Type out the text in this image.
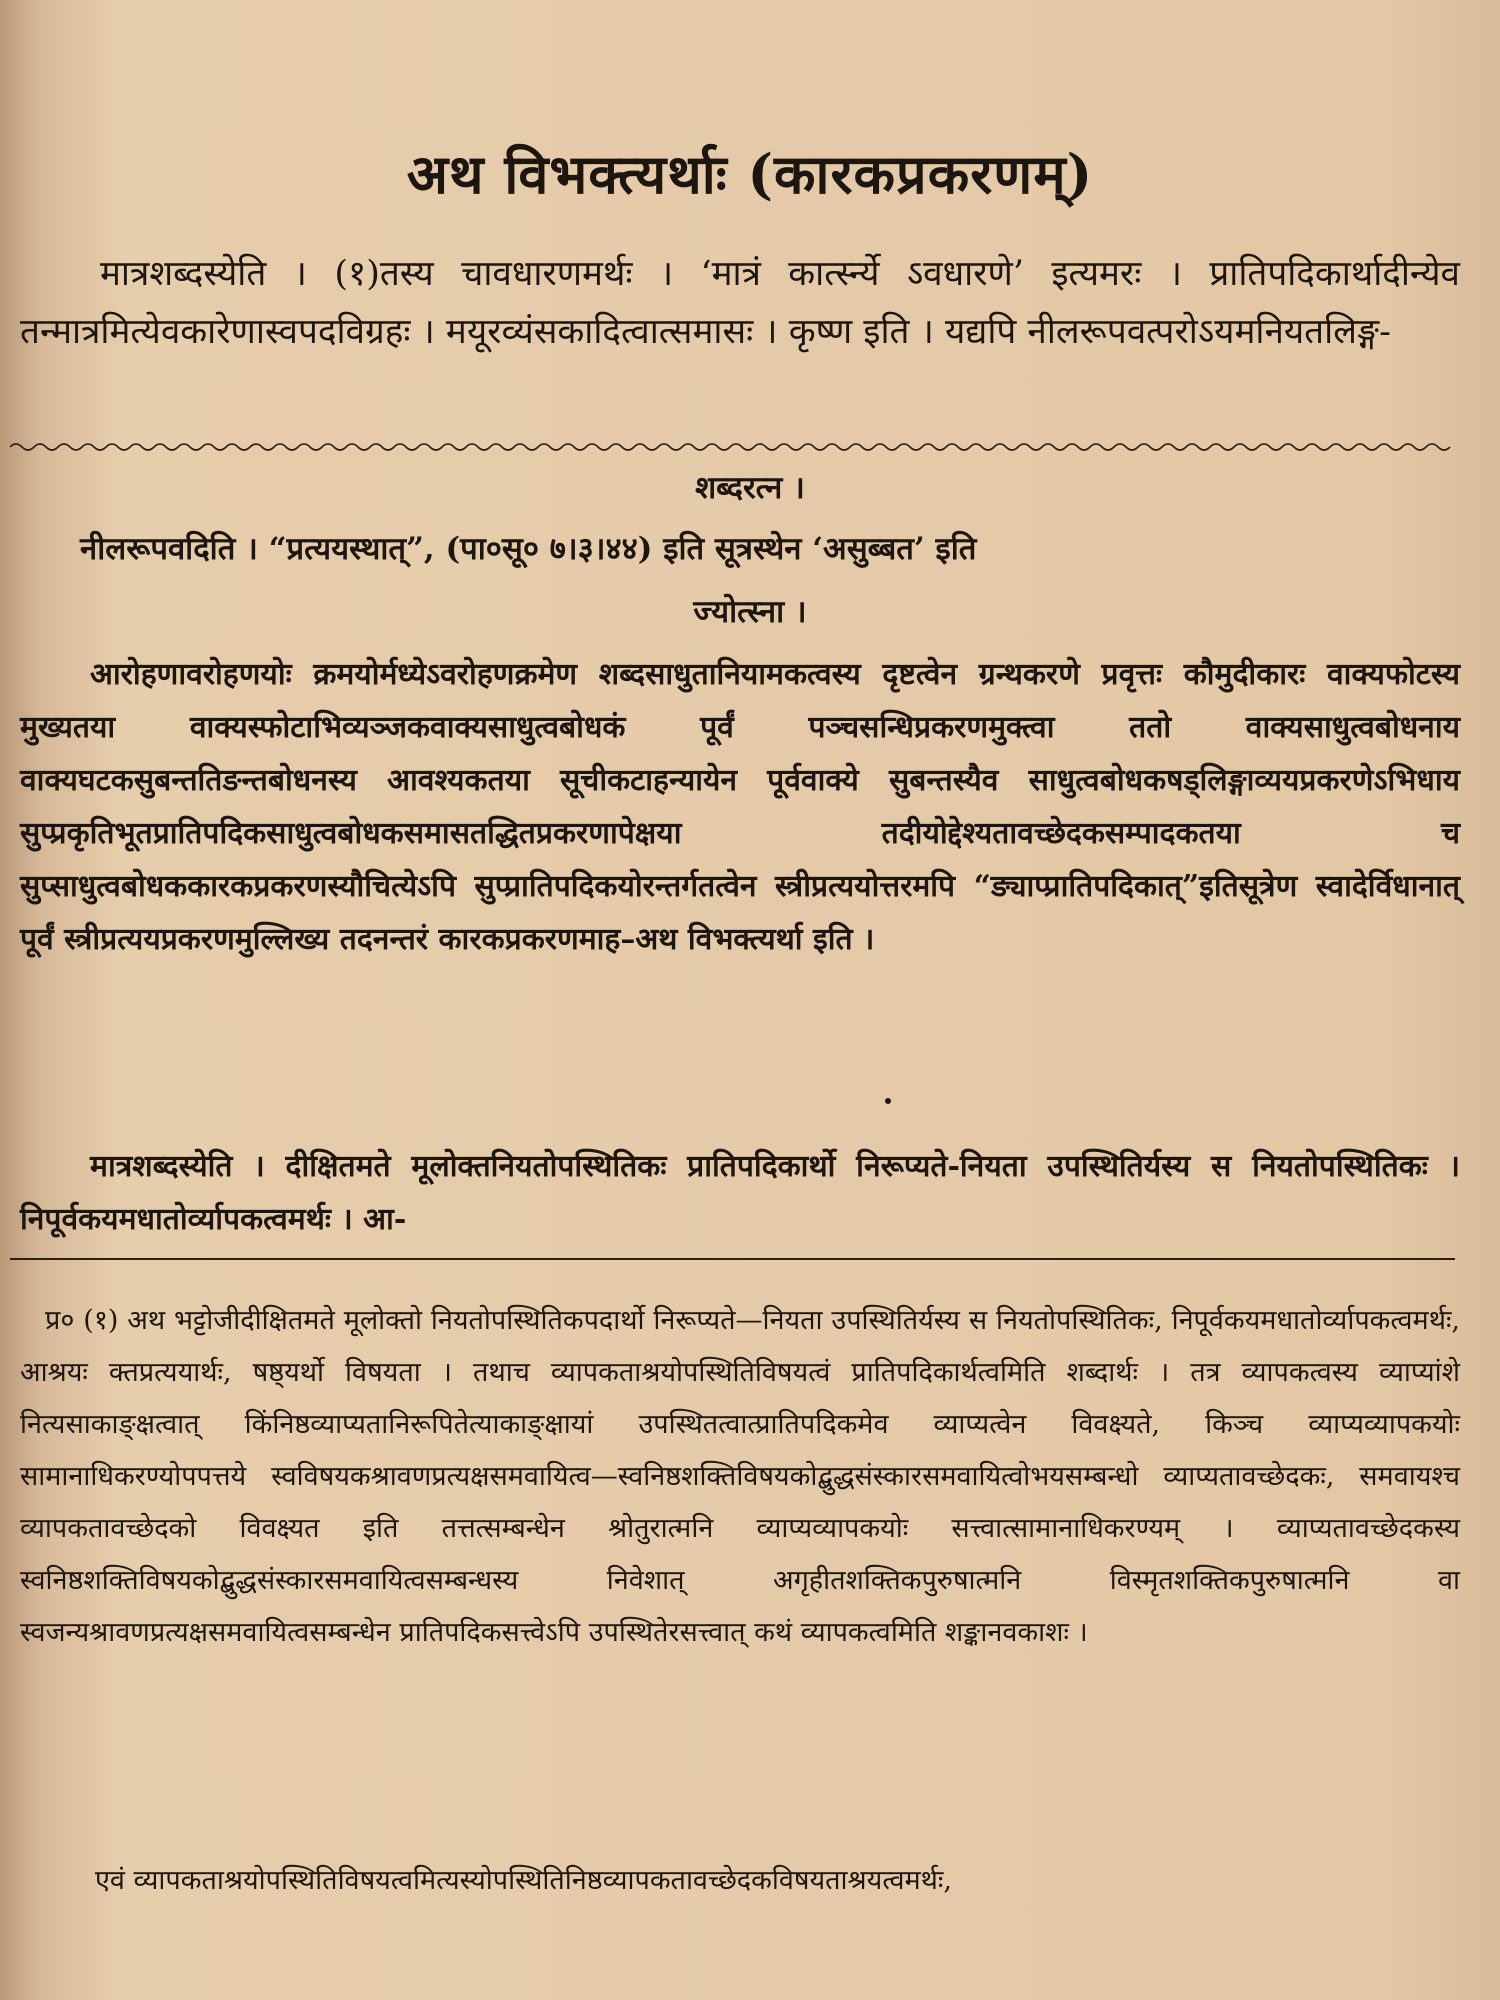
अथ विभक्त्यर्थाः (कारकप्रकरणम्)
मात्रशब्दस्येति । (१)तस्य चावधारणमर्थः । ‘मात्रं कार्त्स्न्ये ऽवधारणे’ इत्यमरः । प्रातिपदिकार्थादीन्येव तन्मात्रमित्येवकारेणास्वपदविग्रहः । मयूरव्यंसकादित्वात्समासः । कृष्ण इति । यद्यपि नीलरूपवत्परोऽयमनियतलिङ्ग-
शब्दरत्न ।
नीलरूपवदिति । “प्रत्ययस्थात्”, (पा०सू० ७।३।४४) इति सूत्रस्थेन ‘असुब्बत’ इति
ज्योत्स्ना ।
आरोहणावरोहणयोः क्रमयोर्मध्येऽवरोहणक्रमेण शब्दसाधुतानियामकत्वस्य दृष्टत्वेन ग्रन्थकरणे प्रवृत्तः कौमुदीकारः वाक्यफोटस्य मुख्यतया वाक्यस्फोटाभिव्यञ्जकवाक्यसाधुत्वबोधकं पूर्वं पञ्चसन्धिप्रकरणमुक्त्वा ततो वाक्यसाधुत्वबोधनाय वाक्यघटकसुबन्ततिङन्तबोधनस्य आवश्यकतया सूचीकटाहन्यायेन पूर्ववाक्ये सुबन्तस्यैव साधुत्वबोधकषड्लिङ्गाव्ययप्रकरणेऽभिधाय सुप्प्रकृतिभूतप्रातिपदिकसाधुत्वबोधकसमासतद्धितप्रकरणापेक्षया तदीयोद्देश्यतावच्छेदकसम्पादकतया च सुप्साधुत्वबोधककारकप्रकरणस्यौचित्येऽपि सुप्प्रातिपदिकयोरन्तर्गतत्वेन स्त्रीप्रत्ययोत्तरमपि “ङ्याप्प्रातिपदिकात्”इतिसूत्रेण स्वादेर्विधानात् पूर्वं स्त्रीप्रत्ययप्रकरणमुल्लिख्य तदनन्तरं कारकप्रकरणमाह–अथ विभक्त्यर्था इति ।
मात्रशब्दस्येति । दीक्षितमते मूलोक्तनियतोपस्थितिकः प्रातिपदिकार्थो निरूप्यते-नियता उपस्थितिर्यस्य स नियतोपस्थितिकः । निपूर्वकयमधातोर्व्यापकत्वमर्थः । आ-
प्र० (१) अथ भट्टोजीदीक्षितमते मूलोक्तो नियतोपस्थितिकपदार्थो निरूप्यते—नियता उपस्थितिर्यस्य स नियतोपस्थितिकः, निपूर्वकयमधातोर्व्यापकत्वमर्थः, आश्रयः क्तप्रत्ययार्थः, षष्ठ्यर्थो विषयता । तथाच व्यापकताश्रयोपस्थितिविषयत्वं प्रातिपदिकार्थत्वमिति शब्दार्थः । तत्र व्यापकत्वस्य व्याप्यांशे नित्यसाकाङ्क्षत्वात् किंनिष्ठव्याप्यतानिरूपितेत्याकाङ्क्षायां उपस्थितत्वात्प्रातिपदिकमेव व्याप्यत्वेन विवक्ष्यते, किञ्च व्याप्यव्यापकयोः सामानाधिकरण्योपपत्तये स्वविषयकश्रावणप्रत्यक्षसमवायित्व—स्वनिष्ठशक्तिविषयकोद्बुद्धसंस्कारसमवायित्वोभयसम्बन्धो व्याप्यतावच्छेदकः, समवायश्च व्यापकतावच्छेदको विवक्ष्यत इति तत्तत्सम्बन्धेन श्रोतुरात्मनि व्याप्यव्यापकयोः सत्त्वात्सामानाधिकरण्यम् । व्याप्यतावच्छेदकस्य स्वनिष्ठशक्तिविषयकोद्बुद्धसंस्कारसमवायित्वसम्बन्धस्य निवेशात् अगृहीतशक्तिकपुरुषात्मनि विस्मृतशक्तिकपुरुषात्मनि वा स्वजन्यश्रावणप्रत्यक्षसमवायित्वसम्बन्धेन प्रातिपदिकसत्त्वेऽपि उपस्थितेरसत्त्वात् कथं व्यापकत्वमिति शङ्कानवकाशः ।
एवं व्यापकताश्रयोपस्थितिविषयत्वमित्यस्योपस्थितिनिष्ठव्यापकतावच्छेदकविषयताश्रयत्वमर्थः,
